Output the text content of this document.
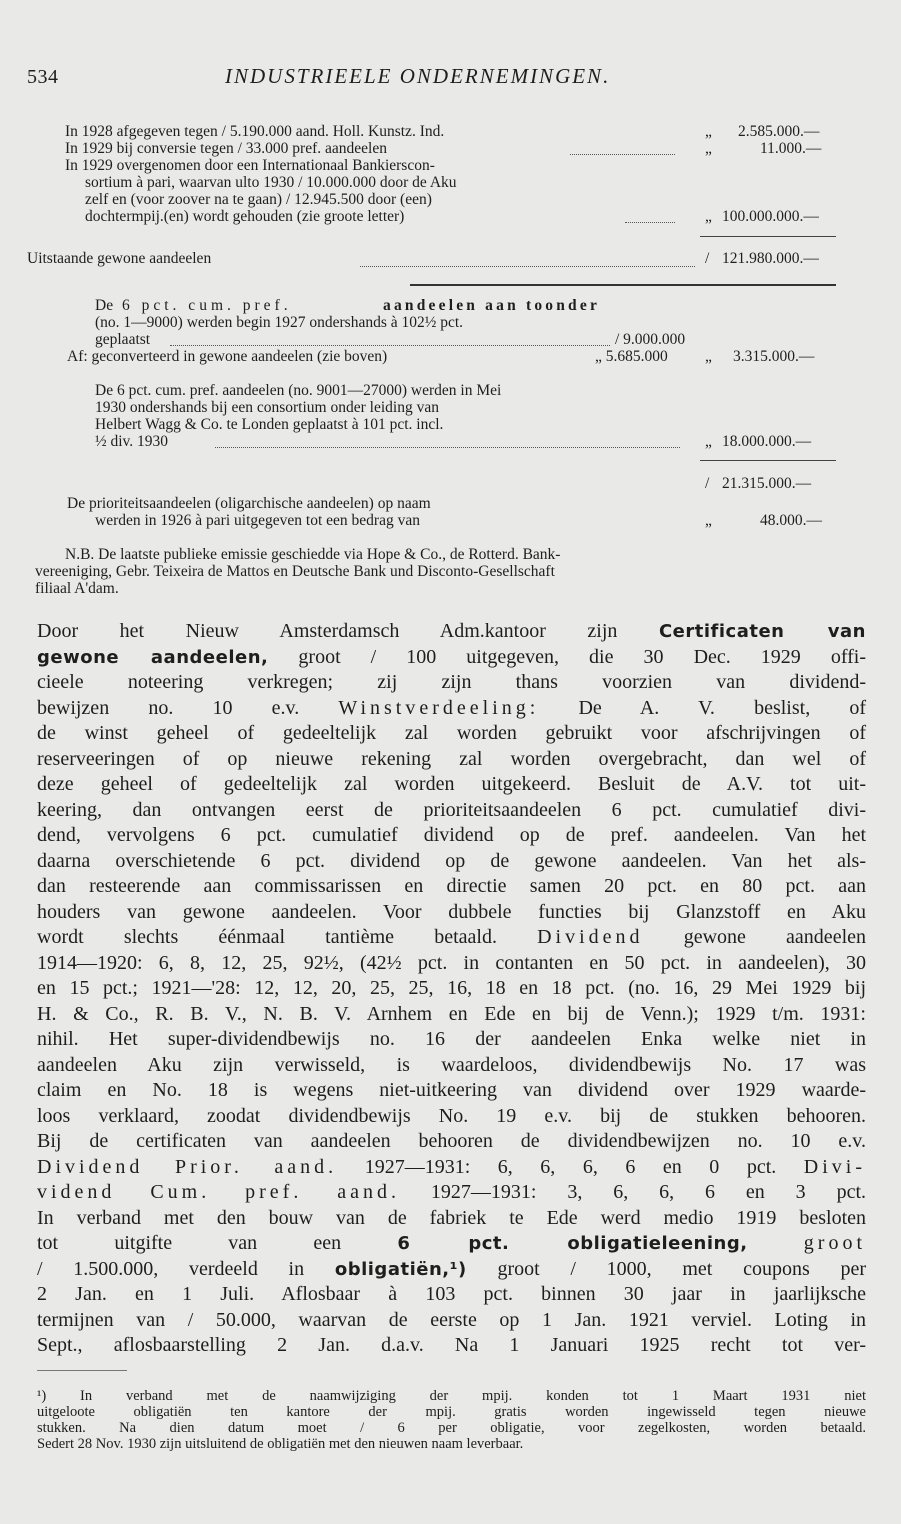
534	INDUSTRIEELE ONDERNEMINGEN.
In 1928 afgegeven tegen / 5.190.000 aand. Holl. Kunstz. Ind.	„ 2.585.000.—
In 1929 bij conversie tegen / 33.000 pref. aandeelen	„	11.000.—
In 1929 overgenomen door een Internationaal Bankierscon-
sortium à pari, waarvan ulto 1930 / 10.000.000 door de Aku
zelf en (voor zoover na te gaan) / 12.945.500 door (een)
dochtermpij.(en) wordt gehouden (zie groote letter)	„ 100.000.000.—
Uitstaande gewone aandeelen	/ 121.980.000.—
De 6 pct. cum. pref.	aandeelen aan toonder
(no. 1—9000) werden begin 1927 ondershands à 102½ pct.
geplaatst	/ 9.000.000
Af: geconverteerd in gewone aandeelen (zie boven)	„ 5.685.000 „ 3.315.000.—
De 6 pct. cum. pref. aandeelen (no. 9001—27000) werden in Mei
1930 ondershands bij een consortium onder leiding van
Helbert Wagg & Co. te Londen geplaatst à 101 pct. incl.
½ div. 1930	„ 18.000.000.—
/ 21.315.000.—
De prioriteitsaandeelen (oligarchische aandeelen) op naam
werden in 1926 à pari uitgegeven tot een bedrag van	„	48.000.—
N.B. De laatste publieke emissie geschiedde via Hope & Co., de Rotterd. Bank-
vereeniging, Gebr. Teixeira de Mattos en Deutsche Bank und Disconto-Gesellschaft
filiaal A'dam.
Door het Nieuw Amsterdamsch Adm.kantoor zijn Certificaten van
gewone aandeelen, groot / 100 uitgegeven, die 30 Dec. 1929 offi-
cieele noteering verkregen; zij zijn thans voorzien van dividend-
bewijzen no. 10 e.v. Winstverdeeling: De A. V. beslist, of
de winst geheel of gedeeltelijk zal worden gebruikt voor afschrijvingen of
reserveeringen of op nieuwe rekening zal worden overgebracht, dan wel of
deze geheel of gedeeltelijk zal worden uitgekeerd. Besluit de A.V. tot uit-
keering, dan ontvangen eerst de prioriteitsaandeelen 6 pct. cumulatief divi-
dend, vervolgens 6 pct. cumulatief dividend op de pref. aandeelen. Van het
daarna overschietende 6 pct. dividend op de gewone aandeelen. Van het als-
dan resteerende aan commissarissen en directie samen 20 pct. en 80 pct. aan
houders van gewone aandeelen. Voor dubbele functies bij Glanzstoff en Aku
wordt slechts éénmaal tantième betaald. Dividend gewone aandeelen
1914—1920: 6, 8, 12, 25, 92½, (42½ pct. in contanten en 50 pct. in aandeelen), 30
en 15 pct.; 1921—'28: 12, 12, 20, 25, 25, 16, 18 en 18 pct. (no. 16, 29 Mei 1929 bij
H. & Co., R. B. V., N. B. V. Arnhem en Ede en bij de Venn.); 1929 t/m. 1931:
nihil. Het super-dividendbewijs no. 16 der aandeelen Enka welke niet in
aandeelen Aku zijn verwisseld, is waardeloos, dividendbewijs No. 17 was
claim en No. 18 is wegens niet-uitkeering van dividend over 1929 waarde-
loos verklaard, zoodat dividendbewijs No. 19 e.v. bij de stukken behooren.
Bij de certificaten van aandeelen behooren de dividendbewijzen no. 10 e.v.
Dividend Prior. aand. 1927—1931: 6, 6, 6, 6 en 0 pct. Divi-
vidend Cum. pref. aand. 1927—1931: 3, 6, 6, 6 en 3 pct.
In verband met den bouw van de fabriek te Ede werd medio 1919 besloten
tot uitgifte van een	6 pct. obligatieleening,	groot
/ 1.500.000, verdeeld in obligatiën,¹) groot / 1000, met coupons per
2 Jan. en 1 Juli. Aflosbaar à 103 pct. binnen 30 jaar in jaarlijksche
termijnen van / 50.000, waarvan de eerste op 1 Jan. 1921 verviel. Loting in
Sept., aflosbaarstelling 2 Jan. d.a.v. Na 1 Januari 1925 recht tot ver-
¹) In verband met de naamwijziging der mpij. konden tot 1 Maart 1931 niet
uitgeloote obligatiën ten kantore der mpij. gratis worden ingewisseld tegen nieuwe
stukken. Na dien datum moet / 6 per obligatie, voor zegelkosten, worden betaald.
Sedert 28 Nov. 1930 zijn uitsluitend de obligatiën met den nieuwen naam leverbaar.
